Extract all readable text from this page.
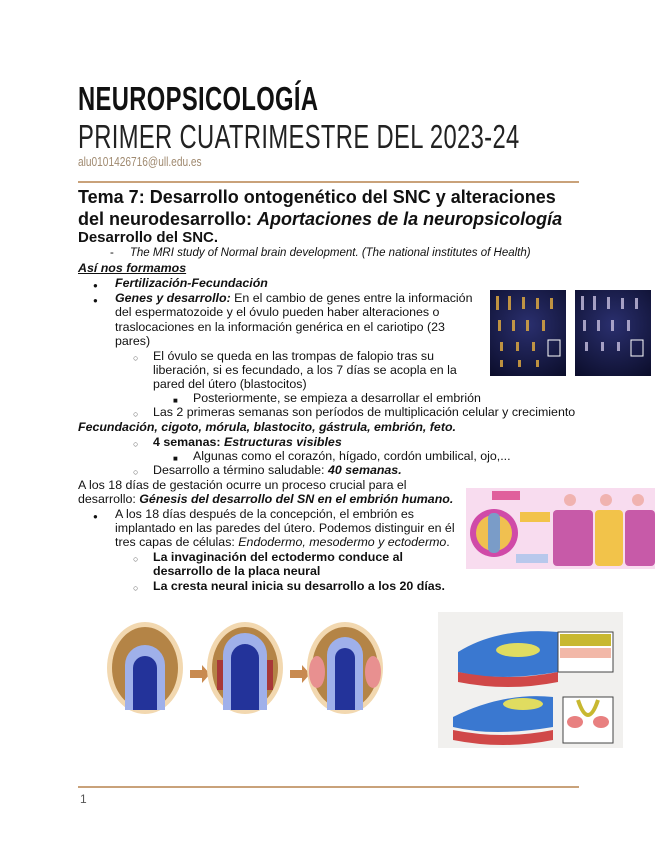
NEUROPSICOLOGÍA
PRIMER CUATRIMESTRE DEL 2023-24
alu0101426716@ull.edu.es
Tema 7: Desarrollo ontogenético del SNC y alteraciones
del neurodesarrollo: Aportaciones de la neuropsicología
Desarrollo del SNC.
-     The MRI study of Normal brain development. (The national institutes of Health)
Así nos formamos
● Fertilización-Fecundación
● Genes y desarrollo: En el cambio de genes entre la información
del espermatozoide y el óvulo pueden haber alteraciones o
traslocaciones en la información genérica en el cariotipo (23
pares)
○ El óvulo se queda en las trompas de falopio tras su
liberación, si es fecundado, a los 7 días se acopla en la
pared del útero (blastocitos)
■ Posteriormente, se empieza a desarrollar el embrión
○ Las 2 primeras semanas son períodos de multiplicación celular y crecimiento
Fecundación, cigoto, mórula, blastocito, gástrula, embrión, feto.
○ 4 semanas: Estructuras visibles
■ Algunas como el corazón, hígado, cordón umbilical, ojo,...
○ Desarrollo a término saludable: 40 semanas.
A los 18 días de gestación ocurre un proceso crucial para el
desarrollo: Génesis del desarrollo del SN en el embrión humano.
● A los 18 días después de la concepción, el embrión es
implantado en las paredes del útero. Podemos distinguir en él
tres capas de células: Endodermo, mesodermo y ectodermo.
○ La invaginación del ectodermo conduce al
desarrollo de la placa neural
○ La cresta neural inicia su desarrollo a los 20 días.
1
